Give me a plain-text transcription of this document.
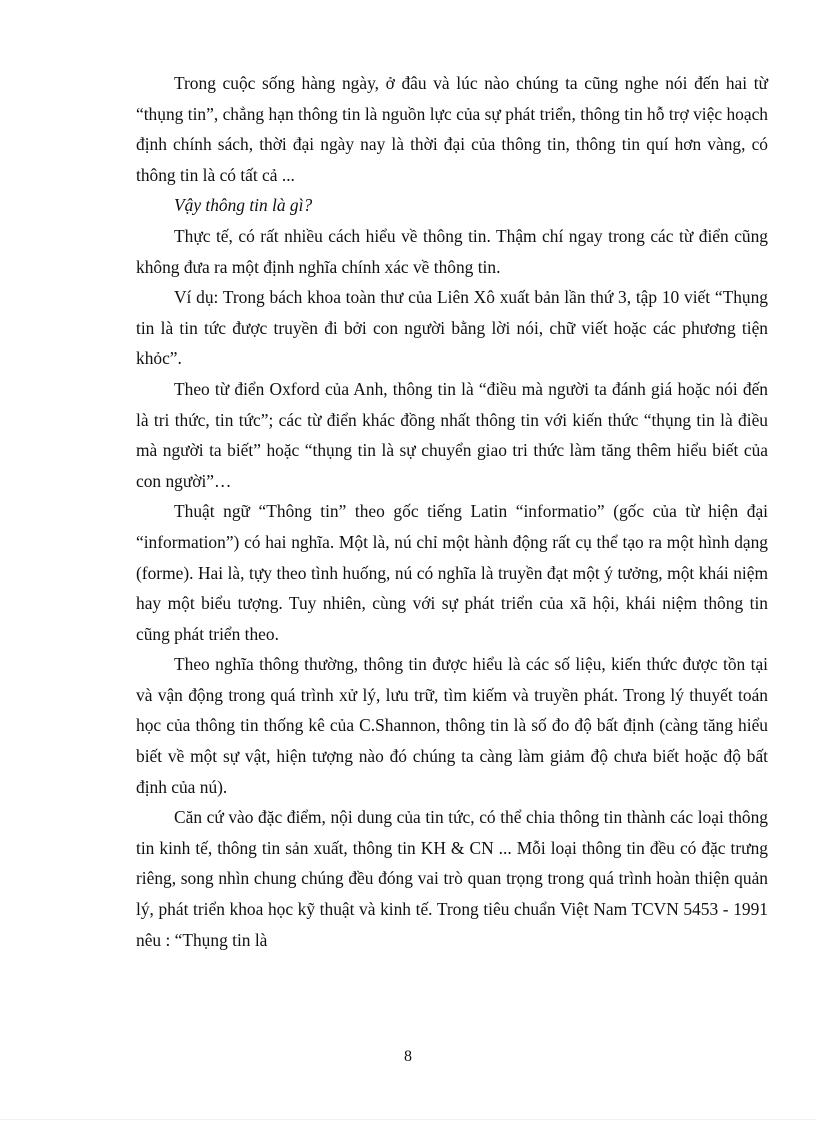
Trong cuộc sống hàng ngày, ở đâu và lúc nào chúng ta cũng nghe nói đến hai từ “thụng tin”, chẳng hạn thông tin là nguồn lực của sự phát triển, thông tin hỗ trợ việc hoạch định chính sách, thời đại ngày nay là thời đại của thông tin, thông tin quí hơn vàng, có thông tin là có tất cả ...

Vậy thông tin là gì?

Thực tế, có rất nhiều cách hiểu về thông tin. Thậm chí ngay trong các từ điển cũng không đưa ra một định nghĩa chính xác về thông tin.

Ví dụ: Trong bách khoa toàn thư của Liên Xô xuất bản lần thứ 3, tập 10 viết “Thụng tin là tin tức được truyền đi bởi con người bằng lời nói, chữ viết hoặc các phương tiện khỏc”.

Theo từ điển Oxford của Anh, thông tin là “điều mà người ta đánh giá hoặc nói đến là tri thức, tin tức”; các từ điển khác đồng nhất thông tin với kiến thức “thụng tin là điều mà người ta biết” hoặc “thụng tin là sự chuyển giao tri thức làm tăng thêm hiểu biết của con người”…

Thuật ngữ “Thông tin” theo gốc tiếng Latin “informatio” (gốc của từ hiện đại “information”) có hai nghĩa. Một là, nú chỉ một hành động rất cụ thể tạo ra một hình dạng (forme). Hai là, tựy theo tình huống, nú có nghĩa là truyền đạt một ý tưởng, một khái niệm hay một biểu tượng. Tuy nhiên, cùng với sự phát triển của xã hội, khái niệm thông tin cũng phát triển theo.

Theo nghĩa thông thường, thông tin được hiểu là các số liệu, kiến thức được tồn tại và vận động trong quá trình xử lý, lưu trữ, tìm kiếm và truyền phát. Trong lý thuyết toán học của thông tin thống kê của C.Shannon, thông tin là số đo độ bất định (càng tăng hiểu biết về một sự vật, hiện tượng nào đó chúng ta càng làm giảm độ chưa biết hoặc độ bất định của nú).

Căn cứ vào đặc điểm, nội dung của tin tức, có thể chia thông tin thành các loại thông tin kinh tế, thông tin sản xuất, thông tin KH & CN ... Mỗi loại thông tin đều có đặc trưng riêng, song nhìn chung chúng đều đóng vai trò quan trọng trong quá trình hoàn thiện quản lý, phát triển khoa học kỹ thuật và kinh tế. Trong tiêu chuẩn Việt Nam TCVN 5453 - 1991 nêu : “Thụng tin là

8
